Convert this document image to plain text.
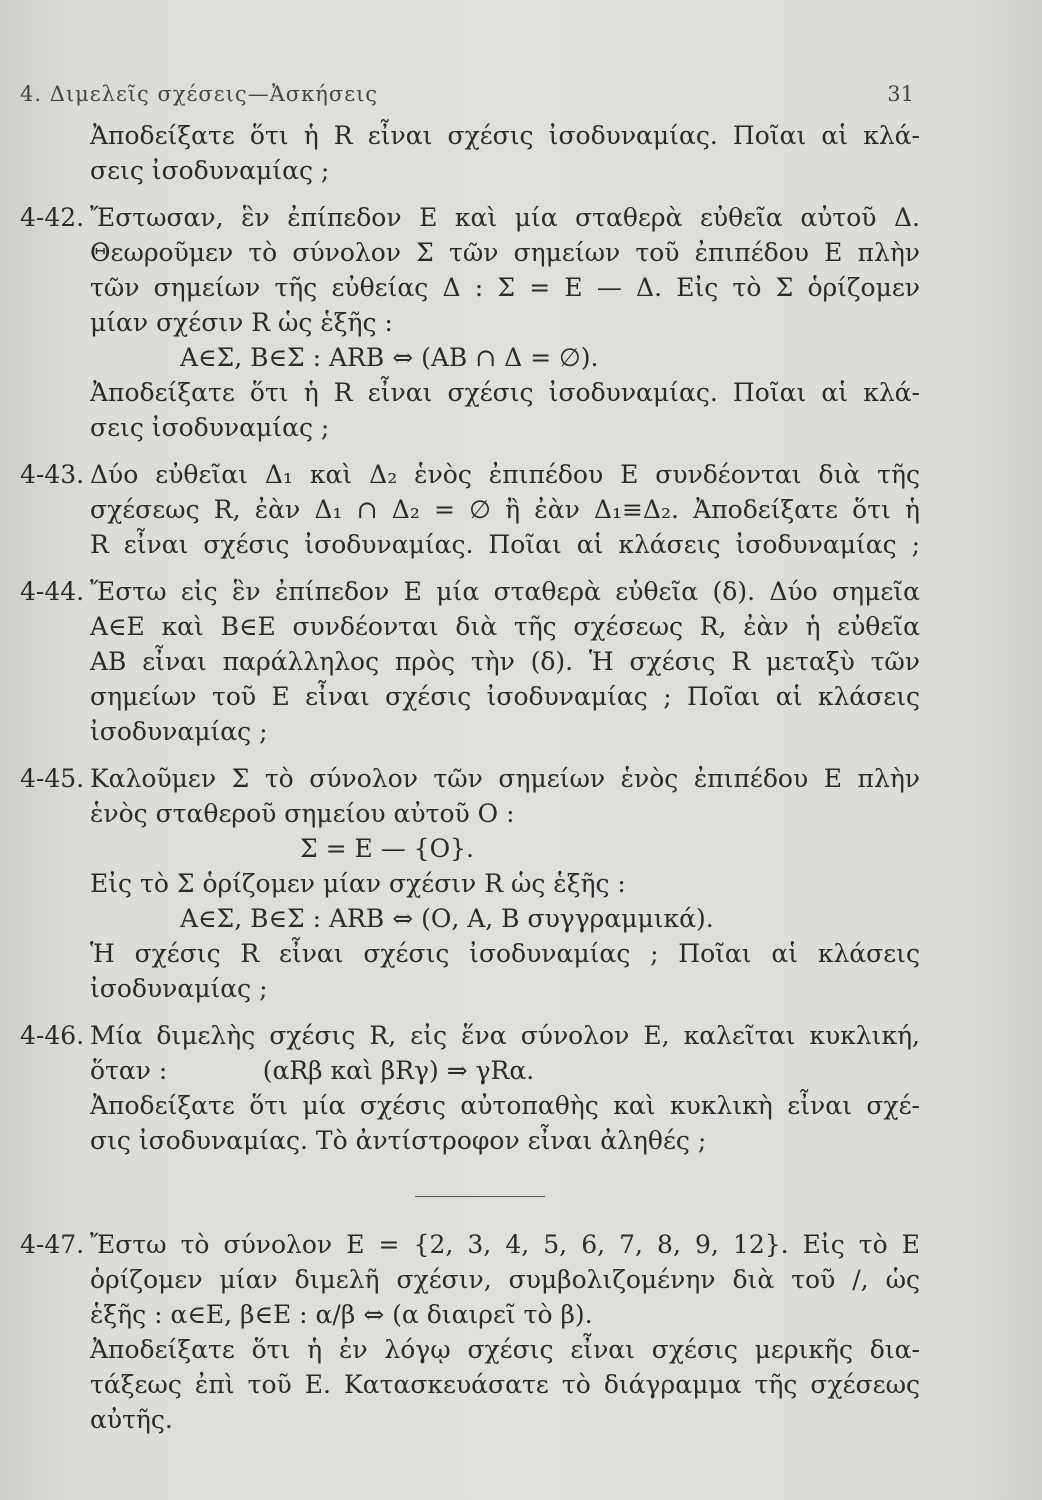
4. Διμελεῖς σχέσεις—Ἀσκήσεις	31
Ἀποδείξατε ὅτι ἡ R εἶναι σχέσις ἰσοδυναμίας. Ποῖαι αἱ κλά-
σεις ἰσοδυναμίας ;
4-42. Ἔστωσαν, ἓν ἐπίπεδον Ε καὶ μία σταθερὰ εὐθεῖα αὐτοῦ Δ.
Θεωροῦμεν τὸ σύνολον Σ τῶν σημείων τοῦ ἐπιπέδου Ε πλὴν
τῶν σημείων τῆς εὐθείας Δ : Σ = Ε — Δ. Εἰς τὸ Σ ὁρίζομεν
μίαν σχέσιν R ὡς ἑξῆς :
Α∈Σ, Β∈Σ : ΑRΒ ⇔ (ΑΒ ∩ Δ = ∅).
Ἀποδείξατε ὅτι ἡ R εἶναι σχέσις ἰσοδυναμίας. Ποῖαι αἱ κλά-
σεις ἰσοδυναμίας ;
4-43. Δύο εὐθεῖαι Δ₁ καὶ Δ₂ ἑνὸς ἐπιπέδου Ε συνδέονται διὰ τῆς
σχέσεως R, ἐὰν Δ₁ ∩ Δ₂ = ∅ ἢ ἐὰν Δ₁≡Δ₂. Ἀποδείξατε ὅτι ἡ
R εἶναι σχέσις ἰσοδυναμίας. Ποῖαι αἱ κλάσεις ἰσοδυναμίας ;
4-44. Ἔστω εἰς ἓν ἐπίπεδον Ε μία σταθερὰ εὐθεῖα (δ). Δύο σημεῖα
Α∈Ε καὶ Β∈Ε συνδέονται διὰ τῆς σχέσεως R, ἐὰν ἡ εὐθεῖα
ΑΒ εἶναι παράλληλος πρὸς τὴν (δ). Ἡ σχέσις R μεταξὺ τῶν
σημείων τοῦ Ε εἶναι σχέσις ἰσοδυναμίας ; Ποῖαι αἱ κλάσεις
ἰσοδυναμίας ;
4-45. Καλοῦμεν Σ τὸ σύνολον τῶν σημείων ἑνὸς ἐπιπέδου Ε πλὴν
ἑνὸς σταθεροῦ σημείου αὐτοῦ Ο :
Σ = Ε — {Ο}.
Εἰς τὸ Σ ὁρίζομεν μίαν σχέσιν R ὡς ἑξῆς :
Α∈Σ, Β∈Σ : ΑRΒ ⇔ (Ο, Α, Β συγγραμμικά).
Ἡ σχέσις R εἶναι σχέσις ἰσοδυναμίας ; Ποῖαι αἱ κλάσεις
ἰσοδυναμίας ;
4-46. Μία διμελὴς σχέσις R, εἰς ἕνα σύνολον Ε, καλεῖται κυκλική,
ὅταν :            (αRβ καὶ βRγ) ⇒ γRα.
Ἀποδείξατε ὅτι μία σχέσις αὐτοπαθὴς καὶ κυκλικὴ εἶναι σχέ-
σις ἰσοδυναμίας. Τὸ ἀντίστροφον εἶναι ἀληθές ;
4-47. Ἔστω τὸ σύνολον Ε = {2, 3, 4, 5, 6, 7, 8, 9, 12}. Εἰς τὸ Ε
ὁρίζομεν μίαν διμελῆ σχέσιν, συμβολιζομένην διὰ τοῦ /, ὡς
ἑξῆς : α∈Ε, β∈Ε : α/β ⇔ (α διαιρεῖ τὸ β).
Ἀποδείξατε ὅτι ἡ ἐν λόγῳ σχέσις εἶναι σχέσις μερικῆς δια-
τάξεως ἐπὶ τοῦ Ε. Κατασκευάσατε τὸ διάγραμμα τῆς σχέσεως
αὐτῆς.
